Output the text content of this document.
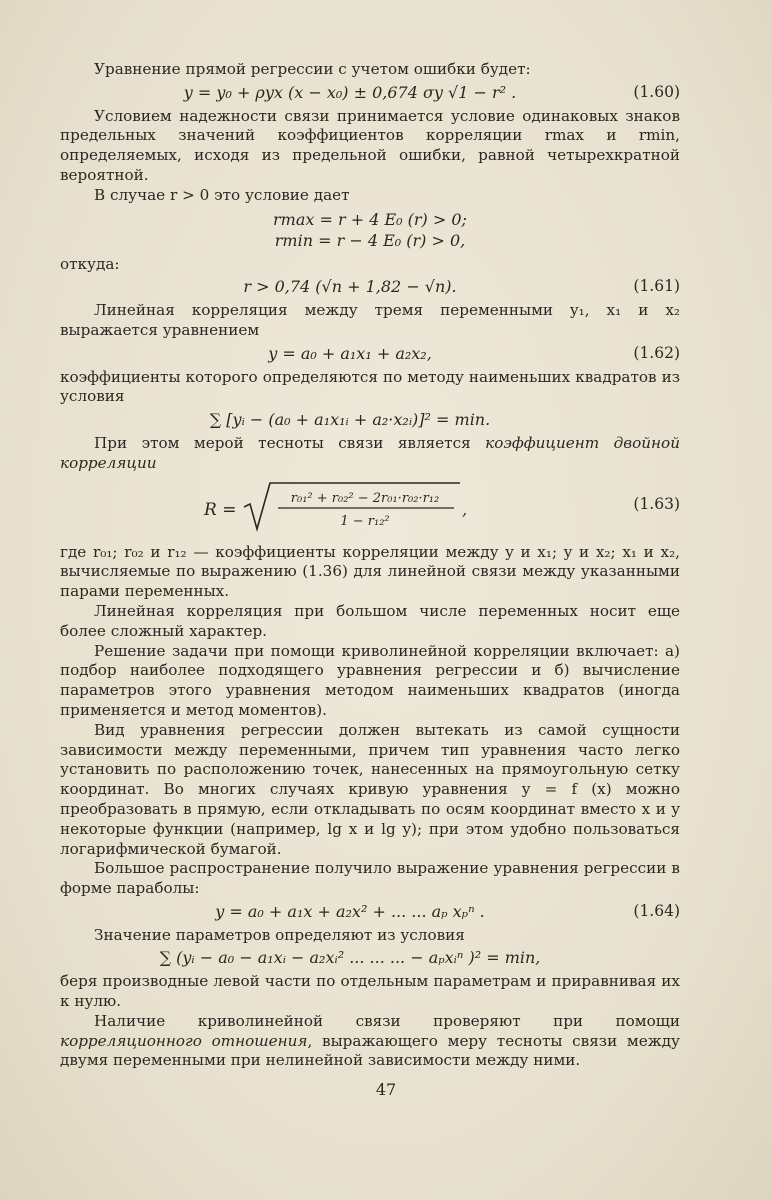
Уравнение прямой регрессии с учетом ошибки будет:

y = y₀ + ρyx (x − x₀) ± 0,674 σy √1 − r² .	(1.60)

Условием надежности связи принимается условие одинаковых знаков предельных значений коэффициентов корреляции rmax и rmin, определяемых, исходя из предельной ошибки, равной четырехкратной вероятной.

В случае r > 0 это условие дает

rmax = r + 4 E₀ (r) > 0;
rmin = r − 4 E₀ (r) > 0,

откуда:

r > 0,74 (√n + 1,82 − √n).	(1.61)

Линейная корреляция между тремя переменными y₁, x₁ и x₂ выражается уравнением

y = a₀ + a₁x₁ + a₂x₂,	(1.62)

коэффициенты которого определяются по методу наименьших квадратов из условия

∑ [yᵢ − (a₀ + a₁x₁ᵢ + a₂·x₂ᵢ)]² = min.

При этом мерой тесноты связи является коэффициент двойной корреляции

R =
r₀₁² + r₀₂² − 2r₀₁·r₀₂·r₁₂
1 − r₁₂²
,	(1.63)

где r₀₁; r₀₂ и r₁₂ — коэффициенты корреляции между y и x₁; y и x₂; x₁ и x₂, вычисляемые по выражению (1.36) для линейной связи между указанными парами переменных.

Линейная корреляция при большом числе переменных носит еще более сложный характер.

Решение задачи при помощи криволинейной корреляции включает: а) подбор наиболее подходящего уравнения регрессии и б) вычисление параметров этого уравнения методом наименьших квадратов (иногда применяется и метод моментов).

Вид уравнения регрессии должен вытекать из самой сущности зависимости между переменными, причем тип уравнения часто легко установить по расположению точек, нанесенных на прямоугольную сетку координат. Во многих случаях кривую уравнения y = f (x) можно преобразовать в прямую, если откладывать по осям координат вместо x и y некоторые функции (например, lg x и lg y); при этом удобно пользоваться логарифмической бумагой.

Большое распространение получило выражение уравнения регрессии в форме параболы:

y = a₀ + a₁x + a₂x² + ... ... aₚ xₚⁿ .	(1.64)

Значение параметров определяют из условия

∑ (yᵢ − a₀ − a₁xᵢ − a₂xᵢ² ... ... ... − aₚxᵢⁿ )² = min,

беря производные левой части по отдельным параметрам и приравнивая их к нулю.

Наличие криволинейной связи проверяют при помощи корреляционного отношения, выражающего меру тесноты связи между двумя переменными при нелинейной зависимости между ними.

47
